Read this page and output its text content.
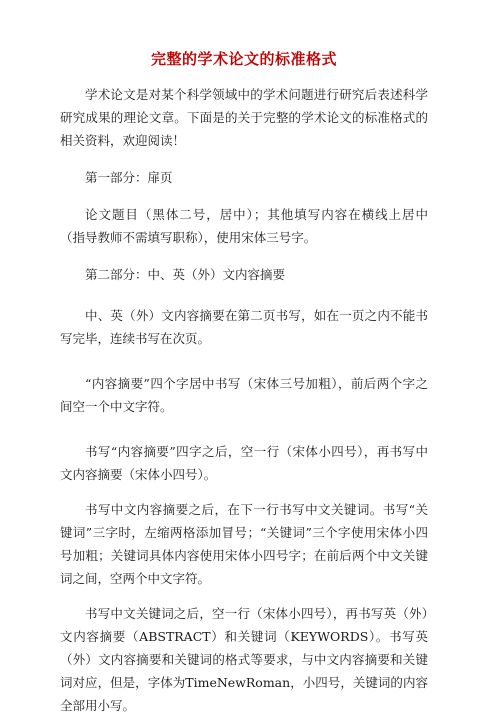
完整的学术论文的标准格式

学术论文是对某个科学领域中的学术问题进行研究后表述科学研究成果的理论文章。下面是的关于完整的学术论文的标准格式的相关资料，欢迎阅读！

第一部分：扉页

论文题目（黑体二号，居中）；其他填写内容在横线上居中（指导教师不需填写职称），使用宋体三号字。

第二部分：中、英（外）文内容摘要

中、英（外）文内容摘要在第二页书写，如在一页之内不能书写完毕，连续书写在次页。

“内容摘要”四个字居中书写（宋体三号加粗），前后两个字之间空一个中文字符。

书写“内容摘要”四字之后，空一行（宋体小四号），再书写中文内容摘要（宋体小四号）。

书写中文内容摘要之后，在下一行书写中文关键词。书写“关键词”三字时，左缩两格添加冒号；“关键词”三个字使用宋体小四号加粗；关键词具体内容使用宋体小四号字；在前后两个中文关键词之间，空两个中文字符。

书写中文关键词之后，空一行（宋体小四号），再书写英（外）文内容摘要（ABSTRACT）和关键词（KEYWORDS）。书写英（外）文内容摘要和关键词的格式等要求，与中文内容摘要和关键词对应，但是，字体为TimeNewRoman，小四号，关键词的内容全部用小写。
